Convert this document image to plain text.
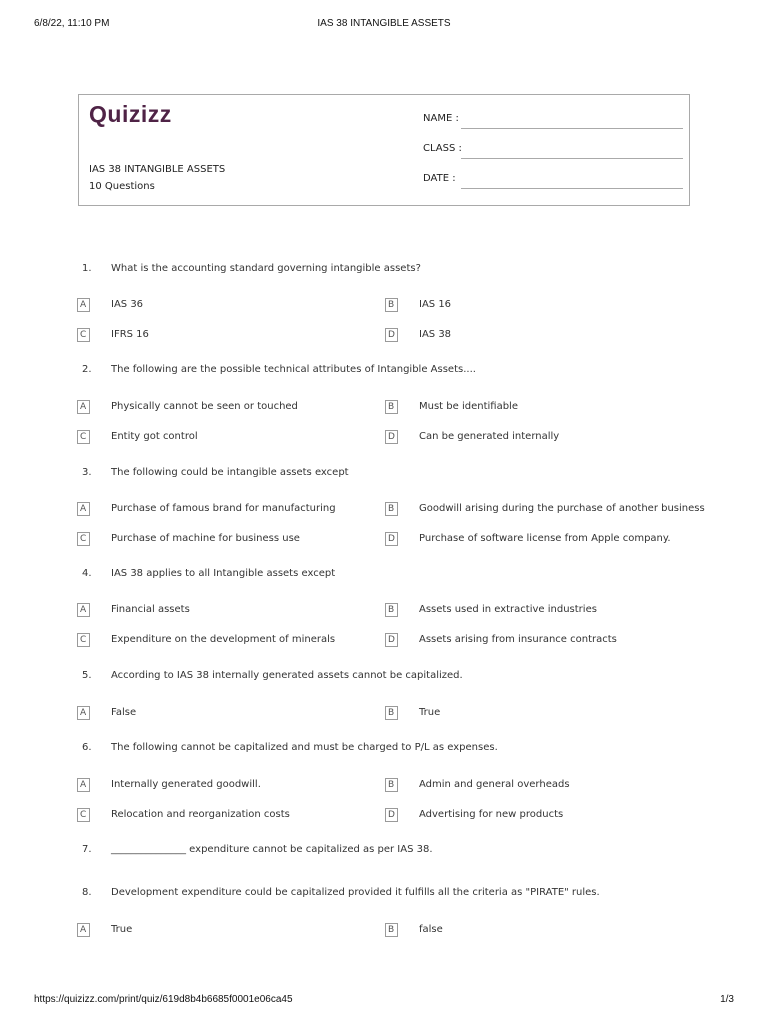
6/8/22, 11:10 PM	IAS 38 INTANGIBLE ASSETS
Quizizz
IAS 38 INTANGIBLE ASSETS
10 Questions
NAME :
CLASS :
DATE :
1. What is the accounting standard governing intangible assets?
A	IAS 36	B	IAS 16
C	IFRS 16	D	IAS 38
2. The following are the possible technical attributes of Intangible Assets....
A	Physically cannot be seen or touched	B	Must be identifiable
C	Entity got control	D	Can be generated internally
3. The following could be intangible assets except
A	Purchase of famous brand for manufacturing	B	Goodwill arising during the purchase of another business
C	Purchase of machine for business use	D	Purchase of software license from Apple company.
4. IAS 38 applies to all Intangible assets except
A	Financial assets	B	Assets used in extractive industries
C	Expenditure on the development of minerals	D	Assets arising from insurance contracts
5. According to IAS 38 internally generated assets cannot be capitalized.
A	False	B	True
6. The following cannot be capitalized and must be charged to P/L as expenses.
A	Internally generated goodwill.	B	Admin and general overheads
C	Relocation and reorganization costs	D	Advertising for new products
7. _______________ expenditure cannot be capitalized as per IAS 38.
8. Development expenditure could be capitalized provided it fulfills all the criteria as "PIRATE" rules.
A	True	B	false
https://quizizz.com/print/quiz/619d8b4b6685f0001e06ca45	1/3
